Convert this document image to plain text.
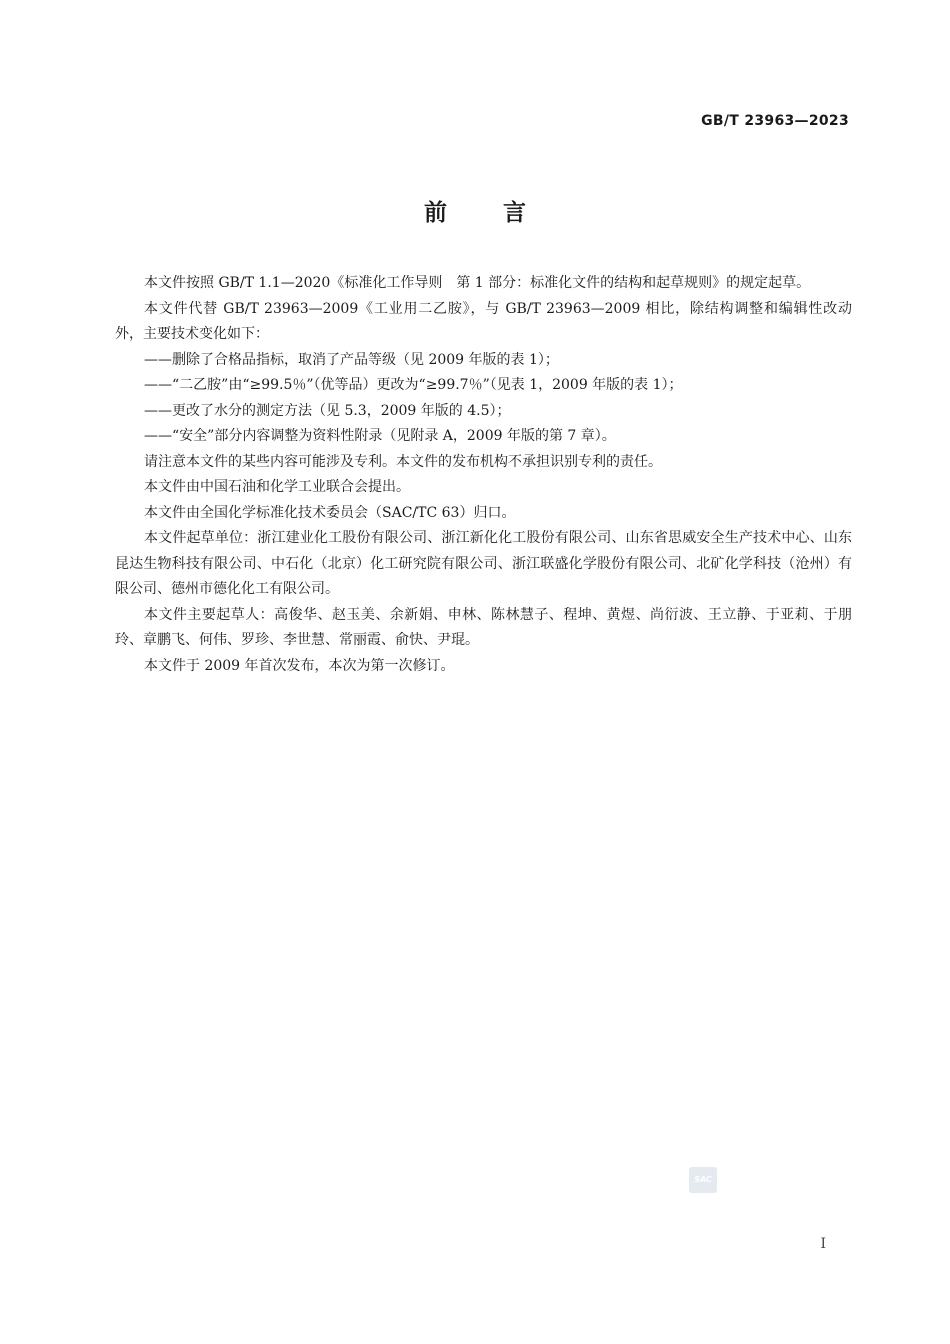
GB/T 23963—2023
前言

本文件按照 GB/T 1.1—2020《标准化工作导则　第 1 部分：标准化文件的结构和起草规则》的规定起草。

本文件代替 GB/T 23963—2009《工业用二乙胺》，与 GB/T 23963—2009 相比，除结构调整和编辑性改动外，主要技术变化如下：

——删除了合格品指标，取消了产品等级（见 2009 年版的表 1）；

——“二乙胺”由“≥99.5％”（优等品）更改为“≥99.7％”（见表 1，2009 年版的表 1）；

——更改了水分的测定方法（见 5.3，2009 年版的 4.5）；

——“安全”部分内容调整为资料性附录（见附录 A，2009 年版的第 7 章）。

请注意本文件的某些内容可能涉及专利。本文件的发布机构不承担识别专利的责任。

本文件由中国石油和化学工业联合会提出。

本文件由全国化学标准化技术委员会（SAC/TC 63）归口。

本文件起草单位：浙江建业化工股份有限公司、浙江新化化工股份有限公司、山东省思威安全生产技术中心、山东昆达生物科技有限公司、中石化（北京）化工研究院有限公司、浙江联盛化学股份有限公司、北矿化学科技（沧州）有限公司、德州市德化化工有限公司。

本文件主要起草人：高俊华、赵玉美、余新娟、申林、陈林慧子、程坤、黄煜、尚衍波、王立静、于亚莉、于朋玲、章鹏飞、何伟、罗珍、李世慧、常丽霞、俞快、尹琨。

本文件于 2009 年首次发布，本次为第一次修订。

SAC
I
